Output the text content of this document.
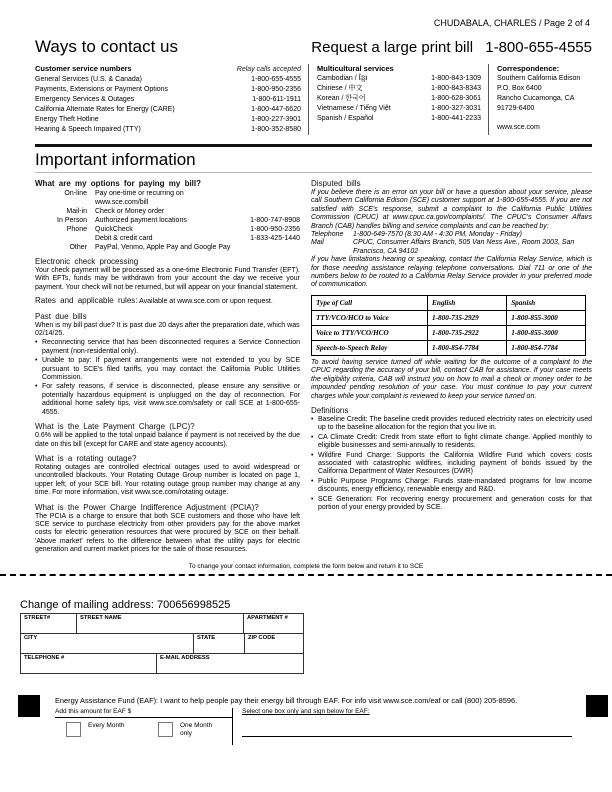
CHUDABALA, CHARLES / Page 2 of 4
Ways to contact us	Request a large print bill 1-800-655-4555
Customer service numbers	Relay calls accepted
General Services (U.S. & Canada)	1-800-655-4555
Payments, Extensions or Payment Options	1-800-950-2356
Emergency Services & Outages	1-800-611-1911
California Alternate Rates for Energy (CARE)	1-800-447-6620
Energy Theft Hotline	1-800-227-3901
Hearing & Speech Impaired (TTY)	1-800-352-8580
Multicultural services
Cambodian / ខ្មែរ	1-800-843-1309
Chinese / 中文	1-800-843-8343
Korean / 한국어	1-800-628-3061
Vietnamese / Tiếng Việt	1-800-327-3031
Spanish / Español	1-800-441-2233
Correspondence:
Southern California Edison
P.O. Box 6400
Rancho Cucamonga, CA
91729-6400
www.sce.com
Important information
What are my options for paying my bill?
On-line	Pay one-time or recurring on www.sce.com/bill
Mail-in	Check or Money order
In Person	Authorized payment locations	1-800-747-8908
Phone	QuickCheck	1-800-950-2356
Debit & credit card	1-833-425-1440
Other	PayPal, Venmo, Apple Pay and Google Pay
Electronic check processing
Your check payment will be processed as a one-time Electronic Fund Transfer (EFT). With EFTs, funds may be withdrawn from your account the day we receive your payment. Your check will not be returned, but will appear on your financial statement.
Rates and applicable rules: Available at www.sce.com or upon request.
Past due bills
When is my bill past due? It is past due 20 days after the preparation date, which was 02/14/25.
• Reconnecting service that has been disconnected requires a Service Connection payment (non-residential only).
• Unable to pay: If payment arrangements were not extended to you by SCE pursuant to SCE's filed tariffs, you may contact the California Public Utilities Commission.
• For safety reasons, if service is disconnected, please ensure any sensitive or potentially hazardous equipment is unplugged on the day of reconnection. For additional home safety tips, visit www.sce.com/safety or call SCE at 1-800-655-4555.
What is the Late Payment Charge (LPC)?
0.6% will be applied to the total unpaid balance if payment is not received by the due date on this bill (except for CARE and state agency accounts).
What is a rotating outage?
Rotating outages are controlled electrical outages used to avoid widespread or uncontrolled blackouts. Your Rotating Outage Group number is located on page 1, upper left, of your SCE bill. Your rotating outage group number may change at any time. For more information, visit www.sce.com/rotating outage.
What is the Power Charge Indifference Adjustment (PCIA)?
The PCIA is a charge to ensure that both SCE customers and those who have left SCE service to purchase electricity from other providers pay for the above market costs for electric generation resources that were procured by SCE on their behalf. 'Above market' refers to the difference between what the utility pays for electric generation and current market prices for the sale of those resources.
Disputed bills
If you believe there is an error on your bill or have a question about your service, please call Southern California Edison (SCE) customer support at 1-800-655-4555. If you are not satisfied with SCE's response, submit a complaint to the California Public Utilities Commission (CPUC) at www.cpuc.ca.gov/complaints/. The CPUC's Consumer Affairs Branch (CAB) handles billing and service complaints and can be reached by:
Telephone	1-800-649-7570 (8:30 AM - 4:30 PM, Monday - Friday)
Mail	CPUC, Consumer Affairs Branch, 505 Van Ness Ave., Room 2003, San Francisco, CA 94102
If you have limitations hearing or speaking, contact the California Relay Service, which is for those needing assistance relaying telephone conversations. Dial 711 or one of the numbers below to be routed to a California Relay Service provider in your preferred mode of communication.
Type of Call	English	Spanish
TTY/VCO/HCO to Voice	1-800-735-2929	1-800-855-3000
Voice to TTY/VCO/HCO	1-800-735-2922	1-800-855-3000
Speech-to-Speech Relay	1-800-854-7784	1-800-854-7784
To avoid having service turned off while waiting for the outcome of a complaint to the CPUC regarding the accuracy of your bill, contact CAB for assistance. If your case meets the eligibility criteria, CAB will instruct you on how to mail a check or money order to be impounded pending resolution of your case. You must continue to pay your current charges while your complaint is reviewed to keep your service turned on.
Definitions
• Baseline Credit: The baseline credit provides reduced electricity rates on electricity used up to the baseline allocation for the region that you live in.
• CA Climate Credit: Credit from state effort to fight climate change. Applied monthly to eligible businesses and semi-annually to residents.
• Wildfire Fund Charge: Supports the California Wildfire Fund which covers costs associated with catastrophic wildfires, including payment of bonds issued by the California Department of Water Resources (DWR)
• Public Purpose Programs Charge: Funds state-mandated programs for low income discounts, energy efficiency, renewable energy and R&D.
• SCE Generation: For recovering energy procurement and generation costs for that portion of your energy provided by SCE.
To change your contact information, complete the form below and return it to SCE
Change of mailing address: 700656998525
STREET#	STREET NAME	APARTMENT #
CITY	STATE	ZIP CODE
TELEPHONE #	E-MAIL ADDRESS
Energy Assistance Fund (EAF): I want to help people pay their energy bill through EAF. For info visit www.sce.com/eaf or call (800) 205-8596.
Add this amount for EAF $	Select one box only and sign below for EAF:
Every Month	One Month only
